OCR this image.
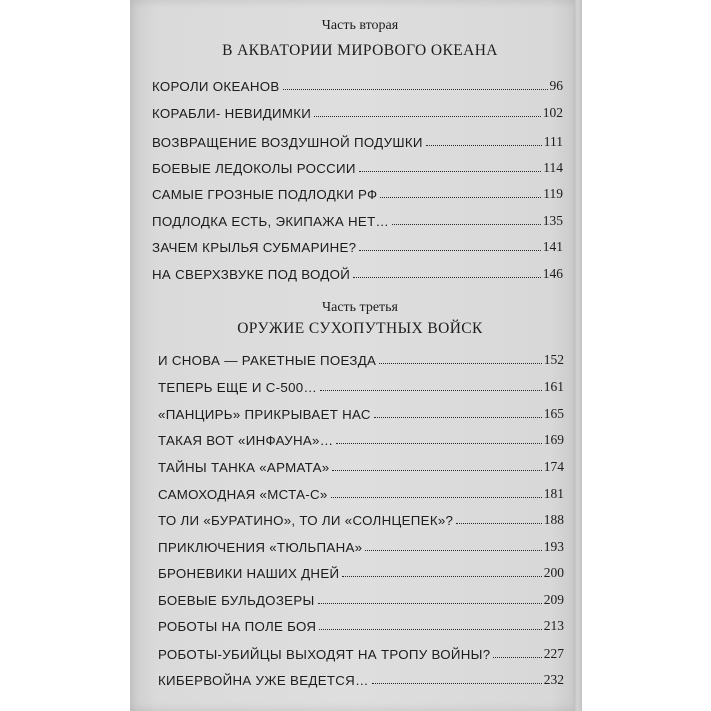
Часть вторая
В АКВАТОРИИ МИРОВОГО ОКЕАНА
КОРОЛИ ОКЕАНОВ	96
КОРАБЛИ- НЕВИДИМКИ	102
ВОЗВРАЩЕНИЕ ВОЗДУШНОЙ ПОДУШКИ	111
БОЕВЫЕ ЛЕДОКОЛЫ РОССИИ	114
САМЫЕ ГРОЗНЫЕ ПОДЛОДКИ РФ	119
ПОДЛОДКА ЕСТЬ, ЭКИПАЖА НЕТ…	135
ЗАЧЕМ КРЫЛЬЯ СУБМАРИНЕ?	141
НА СВЕРХЗВУКЕ ПОД ВОДОЙ	146
Часть третья
ОРУЖИЕ СУХОПУТНЫХ ВОЙСК
И СНОВА — РАКЕТНЫЕ ПОЕЗДА	152
ТЕПЕРЬ ЕЩЕ И С-500…	161
«ПАНЦИРЬ» ПРИКРЫВАЕТ НАС	165
ТАКАЯ ВОТ «ИНФАУНА»…	169
ТАЙНЫ ТАНКА «АРМАТА»	174
САМОХОДНАЯ «МСТА-С»	181
ТО ЛИ «БУРАТИНО», ТО ЛИ «СОЛНЦЕПЕК»?	188
ПРИКЛЮЧЕНИЯ «ТЮЛЬПАНА»	193
БРОНЕВИКИ НАШИХ ДНЕЙ	200
БОЕВЫЕ БУЛЬДОЗЕРЫ	209
РОБОТЫ НА ПОЛЕ БОЯ	213
РОБОТЫ-УБИЙЦЫ ВЫХОДЯТ НА ТРОПУ ВОЙНЫ?	227
КИБЕРВОЙНА УЖЕ ВЕДЕТСЯ…	232
